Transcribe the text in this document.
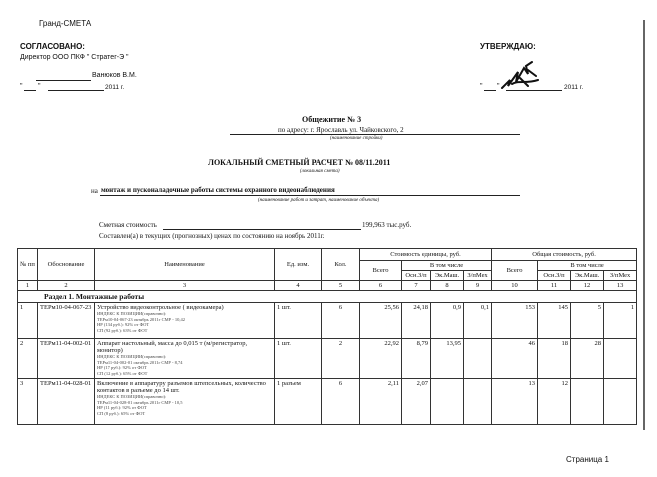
Гранд-СМЕТА
СОГЛАСОВАНО:
Директор ООО ПКФ " Стратег-Э "
Ванюков В.М.
" "	2011 г.
УТВЕРЖДАЮ:
" "	2011 г.
Общежитие № 3
по адресу: г. Ярославль ул. Чайковского, 2
(наименование стройки)
ЛОКАЛЬНЫЙ СМЕТНЫЙ РАСЧЕТ № 08/11.2011
(локальная смета)
на монтаж и пусконаладочные работы системы охранного видеонаблюдения
(наименование работ и затрат, наименование объекта)
Сметная стоимость	199,963 тыс.руб.
Составлен(а) в текущих (прогнозных) ценах по состоянию на ноябрь 2011г.
№ пп	Обоснование	Наименование	Ед. изм.	Кол.	Стоимость единицы, руб.				Общая стоимость, руб.			
					Всего	В том числе			Всего	В том числе		
						Осн.З/п	Эк.Маш.	З/пМех		Осн.З/п	Эк.Маш.	З/пМех
1	2	3	4	5	6	7	8	9	10	11	12	13
Раздел 1. Монтажные работы												
1	ТЕРм10-04-067-23	Устройство видеоконтрольное ( видеокамера)
ИНДЕКС К ПОЗИЦИИ(справочно):
ТЕРм10-04-067-23 октябрь 2011г СМР - 10,42
НР (134 руб.): 92% от ФОТ
СП (92 руб.): 63% от ФОТ	1 шт.	6	25,56	24,18	0,9	0,1	153	145	5	1
2	ТЕРм11-04-002-01	Аппарат настольный, масса до 0,015 т (м/регистратор, монитор)
ИНДЕКС К ПОЗИЦИИ(справочно):
ТЕРм11-04-002-01 октябрь 2011г СМР - 8,74
НР (17 руб.): 92% от ФОТ
СП (12 руб.): 65% от ФОТ	1 шт.	2	22,92	8,79	13,95		46	18	28	
3	ТЕРм11-04-028-01	Включение в аппаратуру разъемов штепсельных, количество контактов в разъеме до 14 шт.
ИНДЕКС К ПОЗИЦИИ(справочно):
ТЕРм11-04-028-01 октябрь 2011г СМР - 10,5
НР (11 руб.): 92% от ФОТ
СП (8 руб.): 65% от ФОТ	1 разъем	6	2,11	2,07			13	12		
Страница 1
